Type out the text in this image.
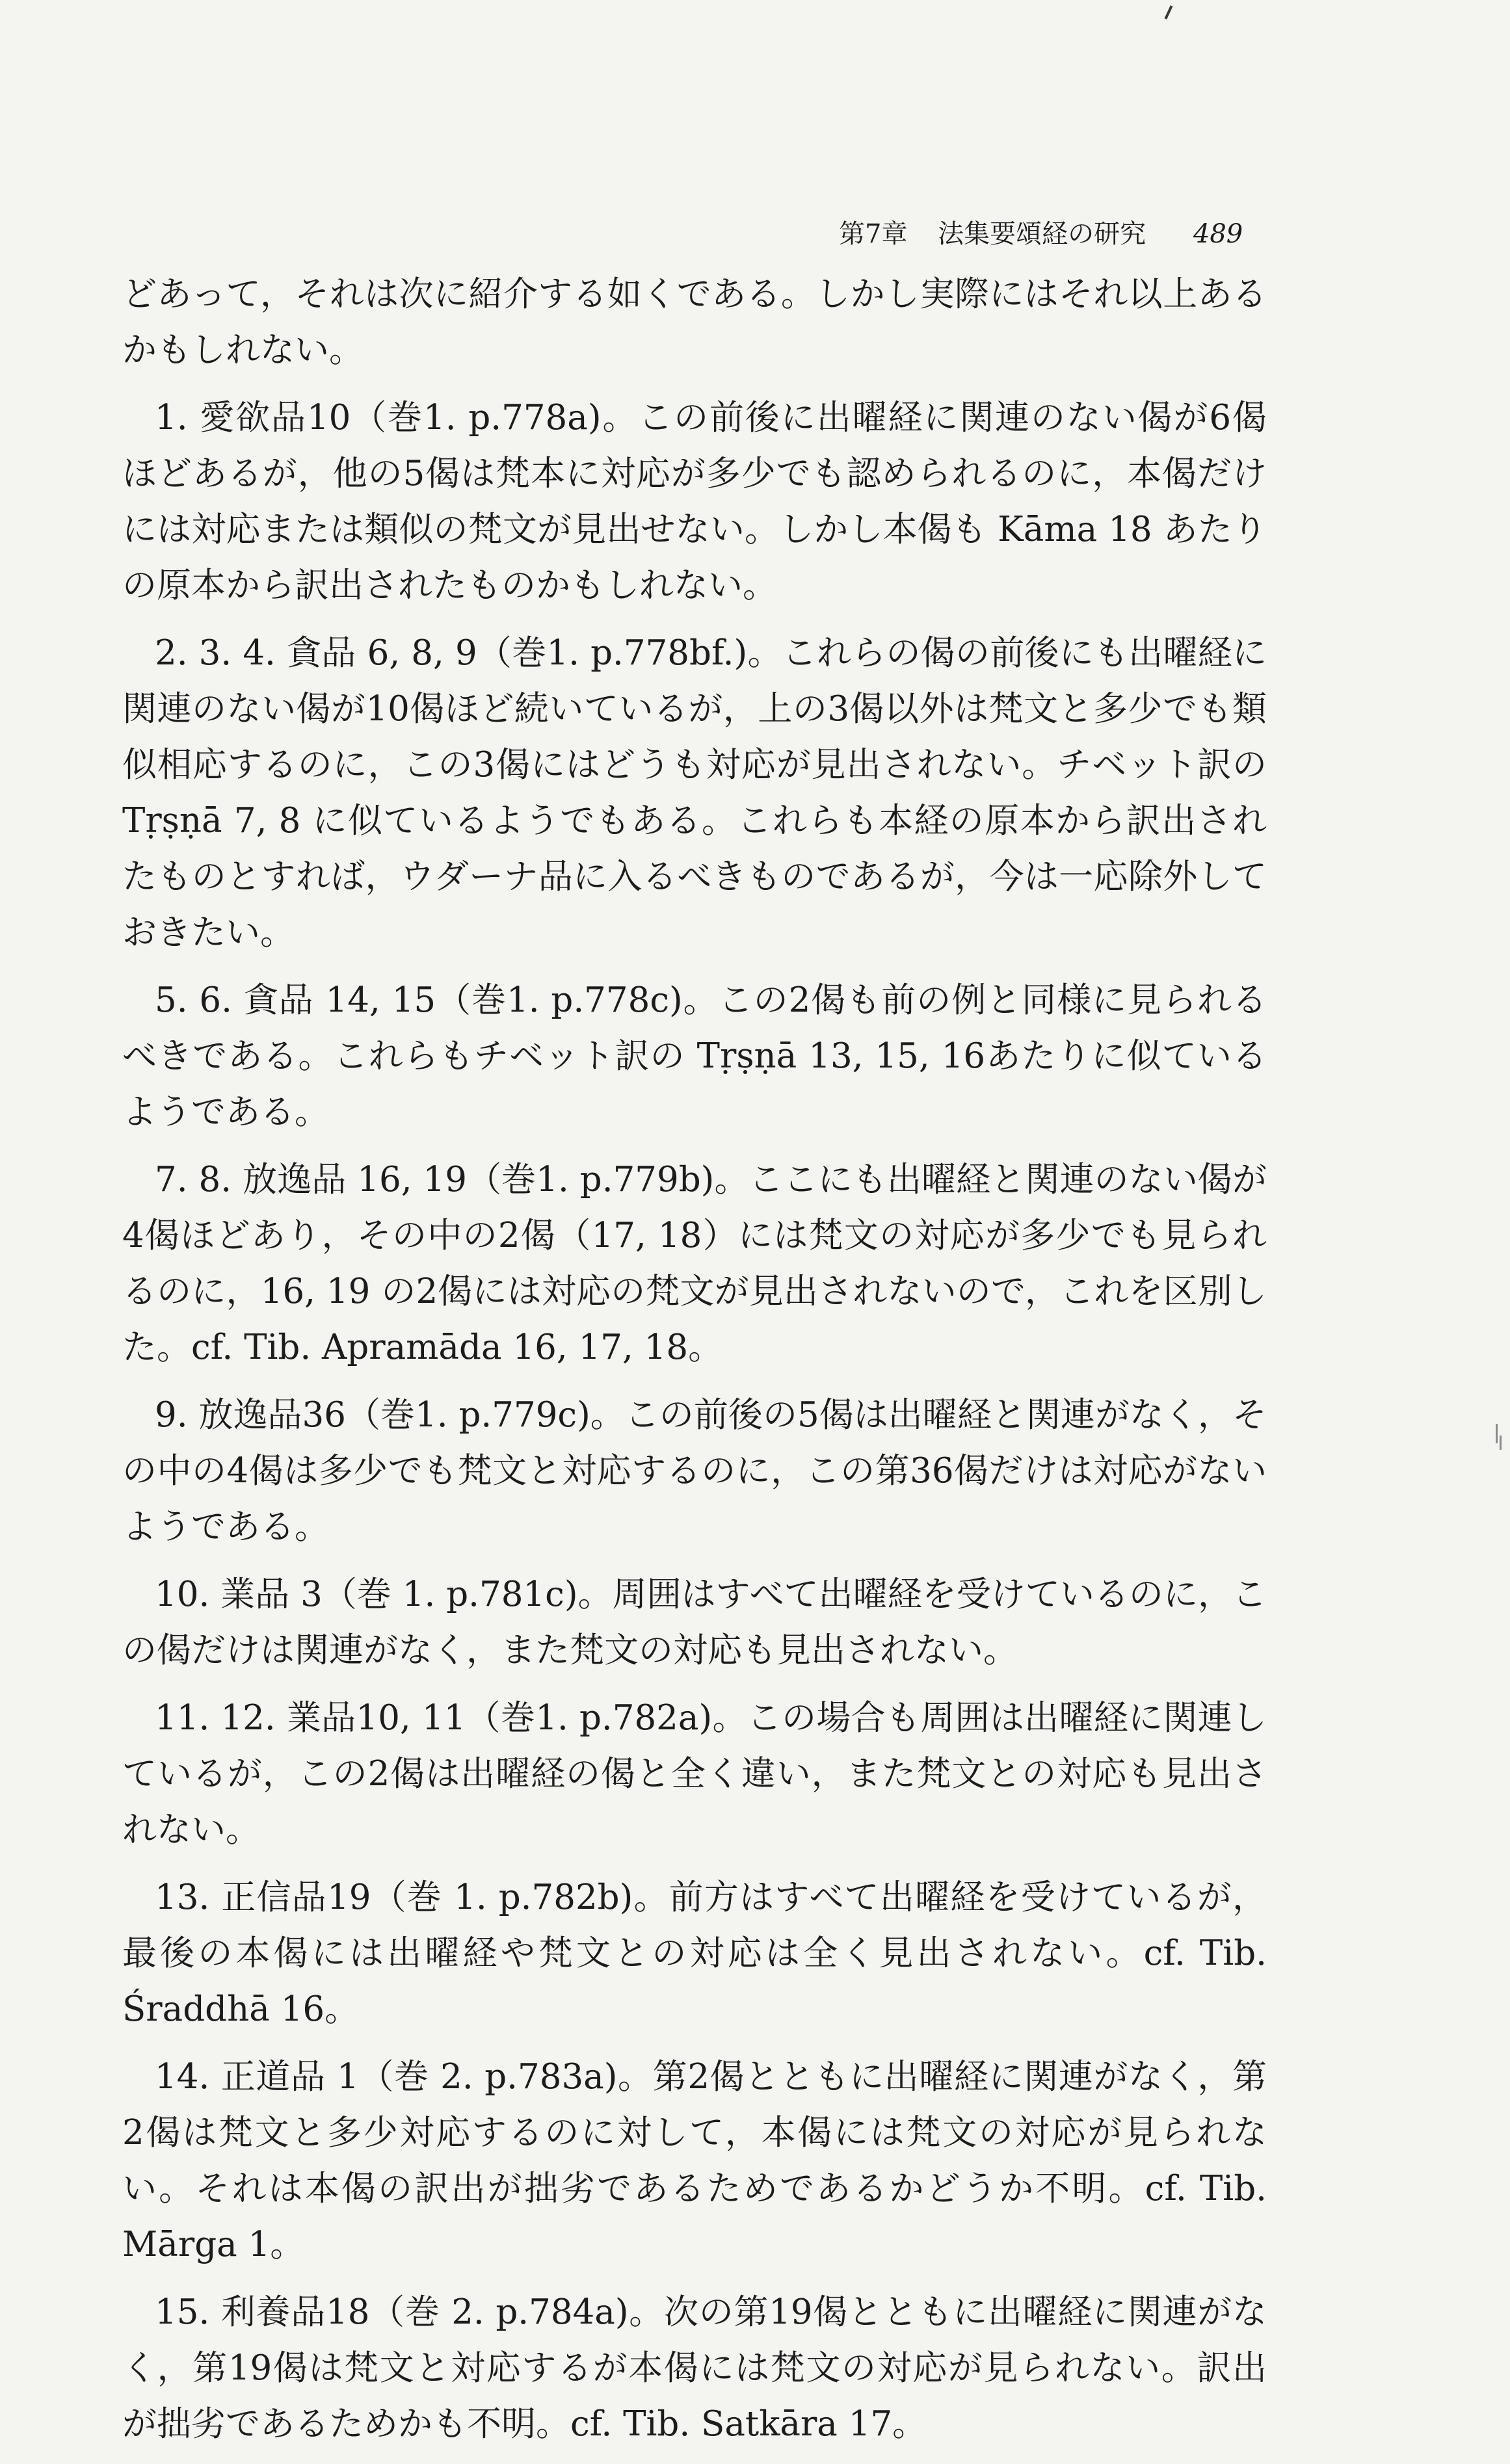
第7章 法集要頌経の研究 489

どあって，それは次に紹介する如くである。しかし実際にはそれ以上あるかもしれない。

1. 愛欲品10（巻1. p.778a)。この前後に出曜経に関連のない偈が6偈ほどあるが，他の5偈は梵本に対応が多少でも認められるのに，本偈だけには対応または類似の梵文が見出せない。しかし本偈も Kāma 18 あたりの原本から訳出されたものかもしれない。

2. 3. 4. 貪品 6, 8, 9（巻1. p.778bf.)。これらの偈の前後にも出曜経に関連のない偈が10偈ほど続いているが，上の3偈以外は梵文と多少でも類似相応するのに，この3偈にはどうも対応が見出されない。チベット訳の Tṛṣṇā 7, 8 に似ているようでもある。これらも本経の原本から訳出されたものとすれば，ウダーナ品に入るべきものであるが，今は一応除外しておきたい。

5. 6. 貪品 14, 15（巻1. p.778c)。この2偈も前の例と同様に見られるべきである。これらもチベット訳の Tṛṣṇā 13, 15, 16あたりに似ているようである。

7. 8. 放逸品 16, 19（巻1. p.779b)。ここにも出曜経と関連のない偈が4偈ほどあり，その中の2偈（17, 18）には梵文の対応が多少でも見られるのに，16, 19 の2偈には対応の梵文が見出されないので，これを区別した。cf. Tib. Apramāda 16, 17, 18。

9. 放逸品36（巻1. p.779c)。この前後の5偈は出曜経と関連がなく，その中の4偈は多少でも梵文と対応するのに，この第36偈だけは対応がないようである。

10. 業品 3（巻 1. p.781c)。周囲はすべて出曜経を受けているのに，この偈だけは関連がなく，また梵文の対応も見出されない。

11. 12. 業品10, 11（巻1. p.782a)。この場合も周囲は出曜経に関連しているが，この2偈は出曜経の偈と全く違い，また梵文との対応も見出されない。

13. 正信品19（巻 1. p.782b)。前方はすべて出曜経を受けているが，最後の本偈には出曜経や梵文との対応は全く見出されない。cf. Tib. Śraddhā 16。

14. 正道品 1（巻 2. p.783a)。第2偈とともに出曜経に関連がなく，第2偈は梵文と多少対応するのに対して，本偈には梵文の対応が見られない。それは本偈の訳出が拙劣であるためであるかどうか不明。cf. Tib. Mārga 1。

15. 利養品18（巻 2. p.784a)。次の第19偈とともに出曜経に関連がなく，第19偈は梵文と対応するが本偈には梵文の対応が見られない。訳出が拙劣であるためかも不明。cf. Tib. Satkāra 17。
